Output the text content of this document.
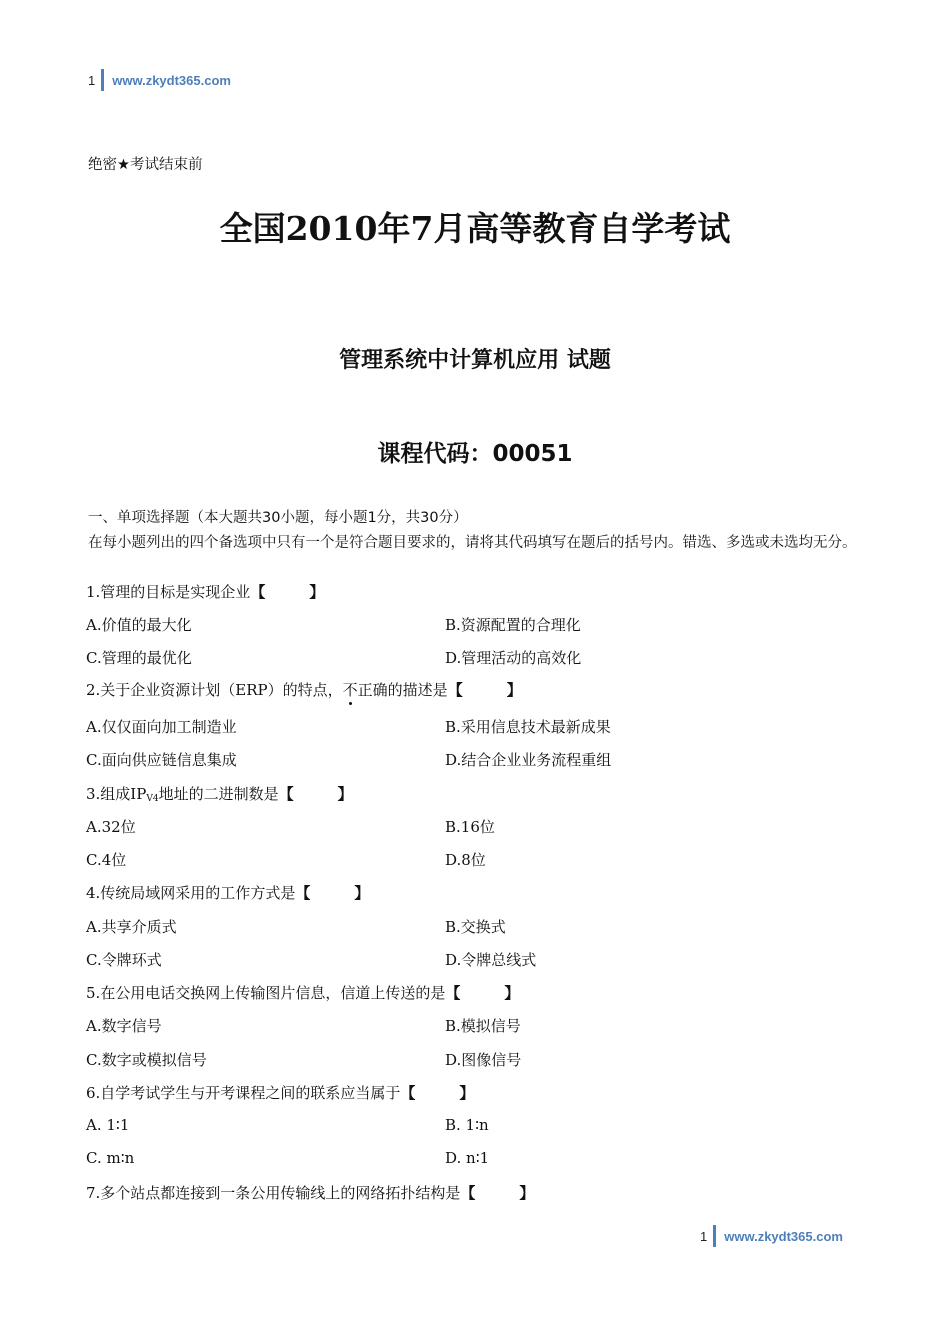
1 www.zkydt365.com
绝密★考试结束前
全国2010年7月高等教育自学考试
管理系统中计算机应用 试题
课程代码：00051
一、单项选择题（本大题共30小题，每小题1分，共30分）
在每小题列出的四个备选项中只有一个是符合题目要求的，请将其代码填写在题后的括号内。错选、多选或未选均无分。
1.管理的目标是实现企业【	】
A.价值的最大化	B.资源配置的合理化
C.管理的最优化	D.管理活动的高效化
2.关于企业资源计划（ERP）的特点，不正确的描述是【	】
A.仅仅面向加工制造业	B.采用信息技术最新成果
C.面向供应链信息集成	D.结合企业业务流程重组
3.组成$IP_{V4}$地址的二进制数是【	】
A.32位	B.16位
C.4位	D.8位
4.传统局域网采用的工作方式是【	】
A.共享介质式	B.交换式
C.令牌环式	D.令牌总线式
5.在公用电话交换网上传输图片信息，信道上传送的是【	】
A.数字信号	B.模拟信号
C.数字或模拟信号	D.图像信号
6.自学考试学生与开考课程之间的联系应当属于【	】
A. 1∶1	B. 1∶n
C. m∶n	D. n∶1
7.多个站点都连接到一条公用传输线上的网络拓扑结构是【	】
1 www.zkydt365.com
